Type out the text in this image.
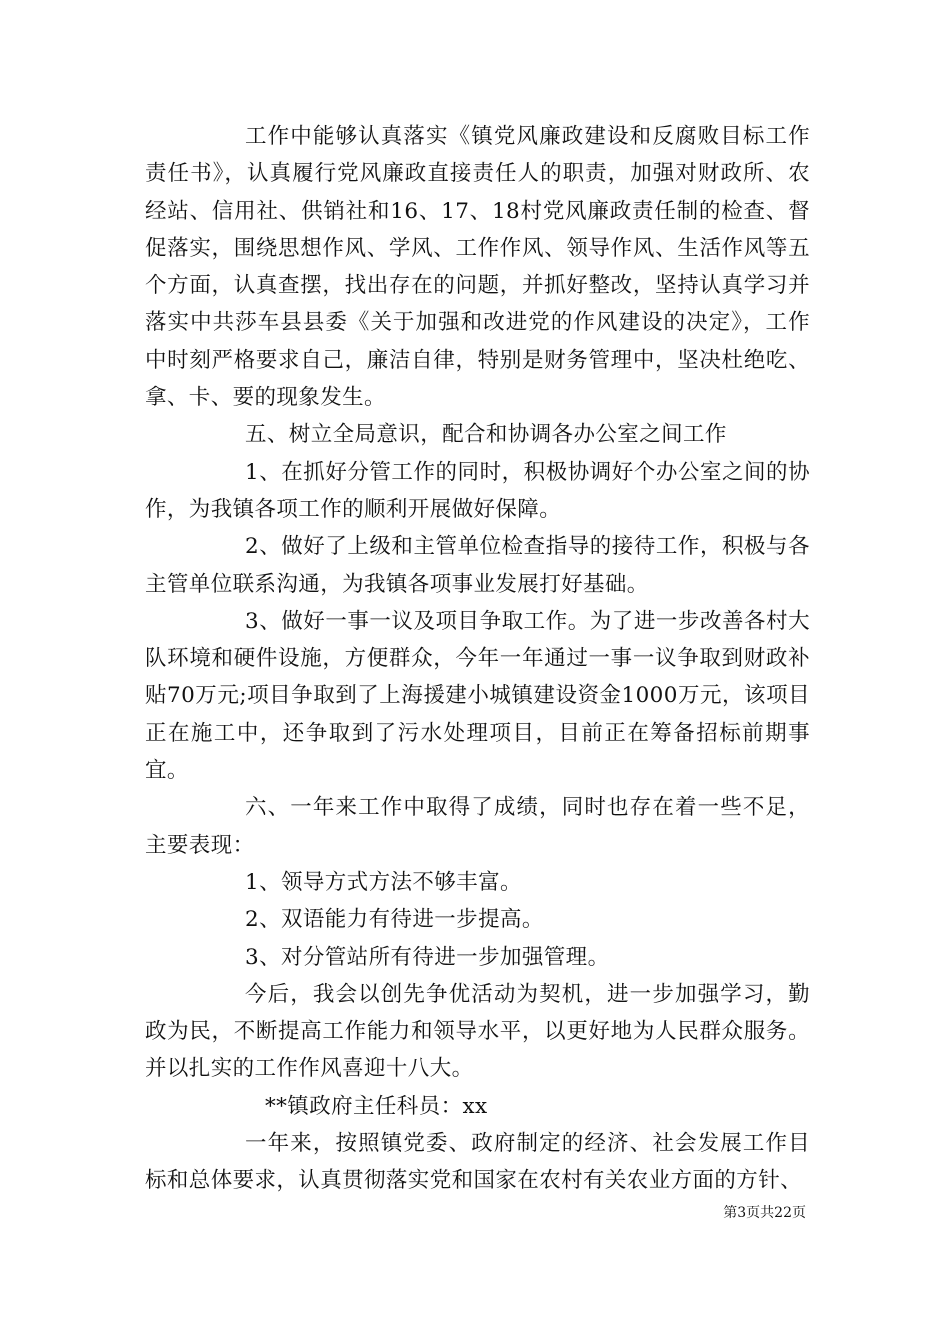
工作中能够认真落实《镇党风廉政建设和反腐败目标工作责任书》，认真履行党风廉政直接责任人的职责，加强对财政所、农经站、信用社、供销社和16、17、18村党风廉政责任制的检查、督促落实，围绕思想作风、学风、工作作风、领导作风、生活作风等五个方面，认真查摆，找出存在的问题，并抓好整改，坚持认真学习并落实中共莎车县县委《关于加强和改进党的作风建设的决定》，工作中时刻严格要求自己，廉洁自律，特别是财务管理中，坚决杜绝吃、拿、卡、要的现象发生。

五、树立全局意识，配合和协调各办公室之间工作

1、在抓好分管工作的同时，积极协调好个办公室之间的协作，为我镇各项工作的顺利开展做好保障。

2、做好了上级和主管单位检查指导的接待工作，积极与各主管单位联系沟通，为我镇各项事业发展打好基础。

3、做好一事一议及项目争取工作。为了进一步改善各村大队环境和硬件设施，方便群众，今年一年通过一事一议争取到财政补贴70万元;项目争取到了上海援建小城镇建设资金1000万元，该项目正在施工中，还争取到了污水处理项目，目前正在筹备招标前期事宜。

六、一年来工作中取得了成绩，同时也存在着一些不足，主要表现：

1、领导方式方法不够丰富。

2、双语能力有待进一步提高。

3、对分管站所有待进一步加强管理。

今后，我会以创先争优活动为契机，进一步加强学习，勤政为民，不断提高工作能力和领导水平，以更好地为人民群众服务。并以扎实的工作作风喜迎十八大。

**镇政府主任科员：xx

一年来，按照镇党委、政府制定的经济、社会发展工作目标和总体要求，认真贯彻落实党和国家在农村有关农业方面的方针、

第3页共22页
